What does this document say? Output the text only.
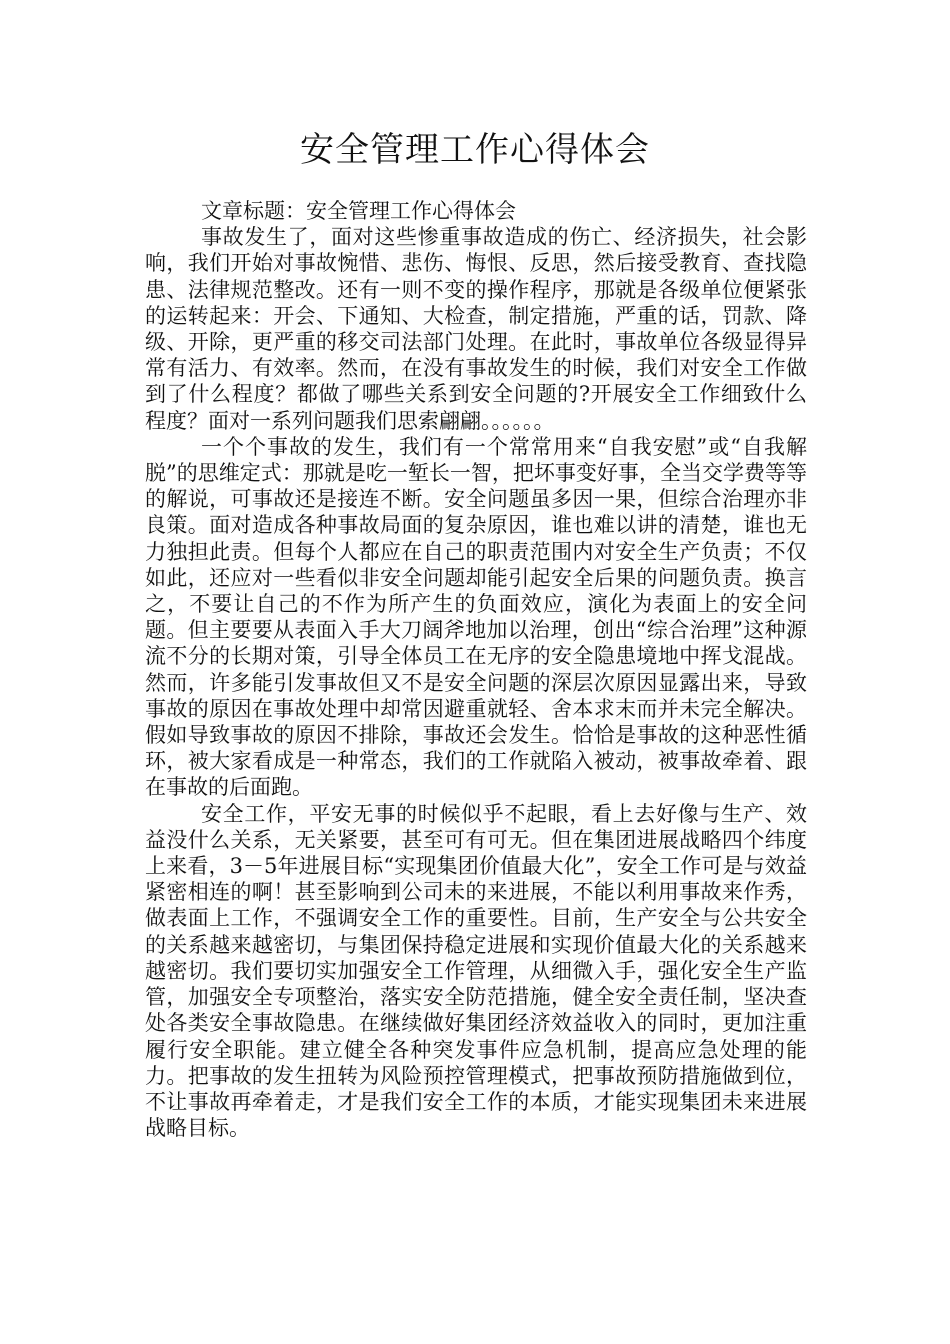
安全管理工作心得体会

文章标题：安全管理工作心得体会

事故发生了，面对这些惨重事故造成的伤亡、经济损失，社会影响，我们开始对事故惋惜、悲伤、悔恨、反思，然后接受教育、查找隐患、法律规范整改。还有一则不变的操作程序，那就是各级单位便紧张的运转起来：开会、下通知、大检查，制定措施，严重的话，罚款、降级、开除，更严重的移交司法部门处理。在此时，事故单位各级显得异常有活力、有效率。然而，在没有事故发生的时候，我们对安全工作做到了什么程度？都做了哪些关系到安全问题的?开展安全工作细致什么程度？面对一系列问题我们思索翩翩。。。。。。

一个个事故的发生，我们有一个常常用来“自我安慰”或“自我解脱”的思维定式：那就是吃一堑长一智，把坏事变好事，全当交学费等等的解说，可事故还是接连不断。安全问题虽多因一果，但综合治理亦非良策。面对造成各种事故局面的复杂原因，谁也难以讲的清楚，谁也无力独担此责。但每个人都应在自己的职责范围内对安全生产负责；不仅如此，还应对一些看似非安全问题却能引起安全后果的问题负责。换言之，不要让自己的不作为所产生的负面效应，演化为表面上的安全问题。但主要要从表面入手大刀阔斧地加以治理，创出“综合治理”这种源流不分的长期对策，引导全体员工在无序的安全隐患境地中挥戈混战。然而，许多能引发事故但又不是安全问题的深层次原因显露出来，导致事故的原因在事故处理中却常因避重就轻、舍本求末而并未完全解决。假如导致事故的原因不排除，事故还会发生。恰恰是事故的这种恶性循环，被大家看成是一种常态，我们的工作就陷入被动，被事故牵着、跟在事故的后面跑。

安全工作，平安无事的时候似乎不起眼，看上去好像与生产、效益没什么关系，无关紧要，甚至可有可无。但在集团进展战略四个纬度上来看，3－5年进展目标“实现集团价值最大化”，安全工作可是与效益紧密相连的啊！甚至影响到公司未的来进展，不能以利用事故来作秀，做表面上工作，不强调安全工作的重要性。目前，生产安全与公共安全的关系越来越密切，与集团保持稳定进展和实现价值最大化的关系越来越密切。我们要切实加强安全工作管理，从细微入手，强化安全生产监管，加强安全专项整治，落实安全防范措施，健全安全责任制，坚决查处各类安全事故隐患。在继续做好集团经济效益收入的同时，更加注重履行安全职能。建立健全各种突发事件应急机制，提高应急处理的能力。把事故的发生扭转为风险预控管理模式，把事故预防措施做到位，不让事故再牵着走，才是我们安全工作的本质，才能实现集团未来进展战略目标。
